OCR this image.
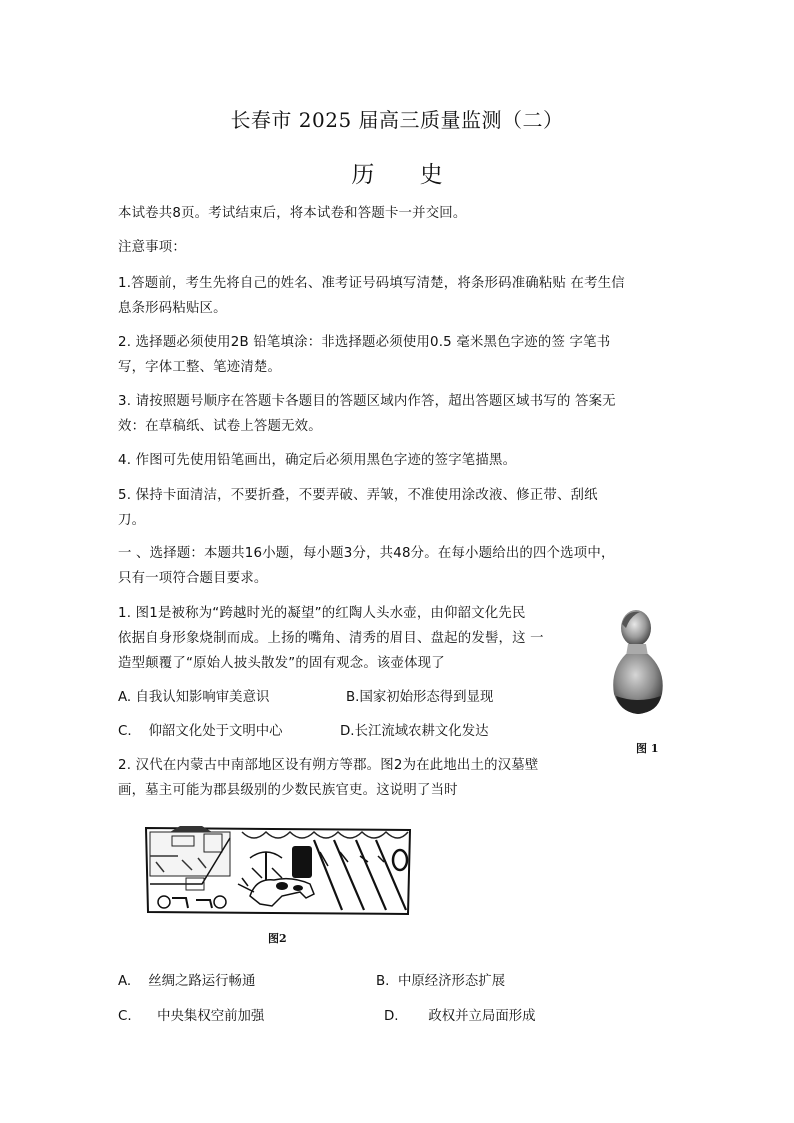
长春市 2025 届高三质量监测（二）
历 史
本试卷共8页。考试结束后，将本试卷和答题卡一并交回。
注意事项：
1.答题前，考生先将自己的姓名、准考证号码填写清楚，将条形码准确粘贴 在考生信
息条形码粘贴区。
2. 选择题必须使用2B 铅笔填涂：非选择题必须使用0.5 毫米黑色字迹的签 字笔书
写，字体工整、笔迹清楚。
3. 请按照题号顺序在答题卡各题目的答题区域内作答，超出答题区域书写的 答案无
效：在草稿纸、试卷上答题无效。
4. 作图可先使用铅笔画出，确定后必须用黑色字迹的签字笔描黑。
5. 保持卡面清洁，不要折叠，不要弄破、弄皱，不准使用涂改液、修正带、刮纸
刀。
一 、选择题：本题共16小题，每小题3分，共48分。在每小题给出的四个选项中，
只有一项符合题目要求。
1. 图1是被称为“跨越时光的凝望”的红陶人头水壶，由仰韶文化先民
依据自身形象烧制而成。上扬的嘴角、清秀的眉目、盘起的发髻，这 一
造型颠覆了“原始人披头散发”的固有观念。该壶体现了
A. 自我认知影响审美意识	B.国家初始形态得到显现
C. 仰韶文化处于文明中心	D.长江流域农耕文化发达
图 1
2. 汉代在内蒙古中南部地区设有朔方等郡。图2为在此地出土的汉墓壁
画，墓主可能为郡县级别的少数民族官吏。这说明了当时
图2
A. 丝绸之路运行畅通	B. 中原经济形态扩展
C. 中央集权空前加强	D. 政权并立局面形成
